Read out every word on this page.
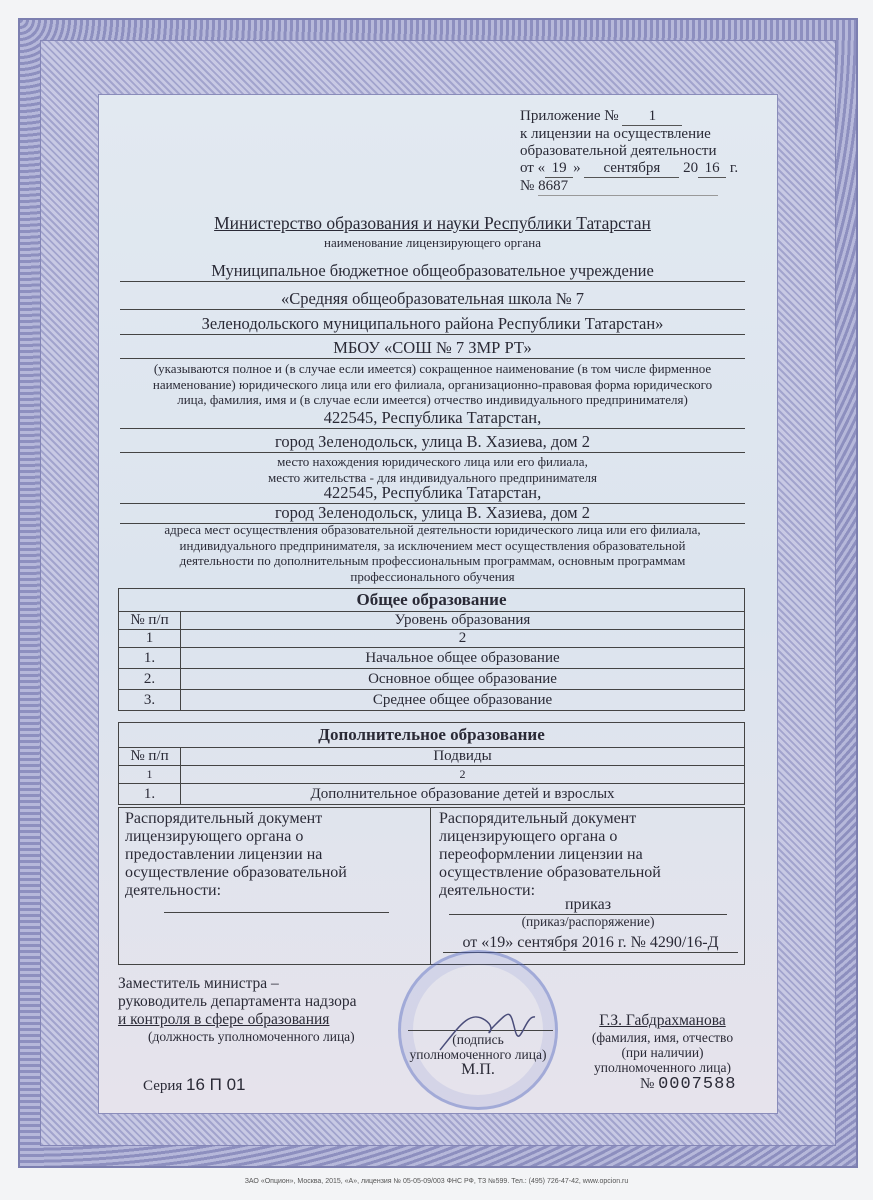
Приложение № 1
к лицензии на осуществление
образовательной деятельности
от « 19 » сентября 20 16 г.
№ 8687
Министерство образования и науки Республики Татарстан
наименование лицензирующего органа
Муниципальное бюджетное общеобразовательное учреждение
«Средняя общеобразовательная школа № 7
Зеленодольского муниципального района Республики Татарстан»
МБОУ «СОШ № 7 ЗМР РТ»
(указываются полное и (в случае если имеется) сокращенное наименование (в том числе фирменное
наименование) юридического лица или его филиала, организационно-правовая форма юридического
лица, фамилия, имя и (в случае если имеется) отчество индивидуального предпринимателя)
422545, Республика Татарстан,
город Зеленодольск, улица В. Хазиева, дом 2
место нахождения юридического лица или его филиала,
место жительства - для индивидуального предпринимателя
422545, Республика Татарстан,
город Зеленодольск, улица В. Хазиева, дом 2
адреса мест осуществления образовательной деятельности юридического лица или его филиала,
индивидуального предпринимателя, за исключением мест осуществления образовательной
деятельности по дополнительным профессиональным программам, основным программам
профессионального обучения
Общее образование	
№ п/п	Уровень образования
1	2
1.	Начальное общее образование
2.	Основное общее образование
3.	Среднее общее образование
Дополнительное образование	
№ п/п	Подвиды
1	2
1.	Дополнительное образование детей и взрослых
Распорядительный документ
лицензирующего органа о
предоставлении лицензии на
осуществление образовательной
деятельности:
Распорядительный документ
лицензирующего органа о
переоформлении лицензии на
осуществление образовательной
деятельности:
приказ
(приказ/распоряжение)
от «19» сентября 2016 г. № 4290/16-Д
Заместитель министра –
руководитель департамента надзора
и контроля в сфере образования
(должность уполномоченного лица)	(подпись
уполномоченного лица)
М.П.
Г.З. Габдрахманова
(фамилия, имя, отчество
(при наличии)
уполномоченного лица)
Серия 16 П 01	№ 0007588
ЗАО «Опцион», Москва, 2015, «А», лицензия № 05-05-09/003 ФНС РФ, ТЗ №599. Тел.: (495) 726-47-42, www.opcion.ru
